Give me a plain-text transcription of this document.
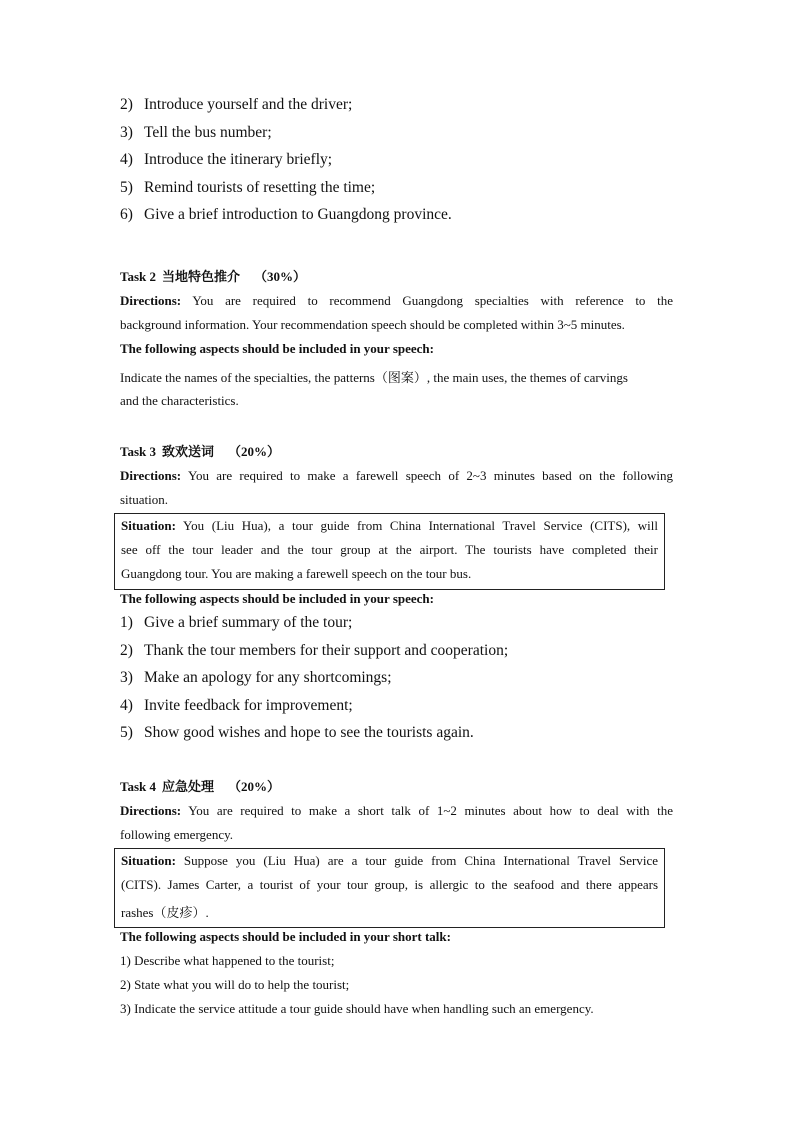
2) Introduce yourself and the driver;
3) Tell the bus number;
4) Introduce the itinerary briefly;
5) Remind tourists of resetting the time;
6) Give a brief introduction to Guangdong province.
Task 2 当地特色推介 （30%）
Directions: You are required to recommend Guangdong specialties with reference to the
background information. Your recommendation speech should be completed within 3~5 minutes.
The following aspects should be included in your speech:
Indicate the names of the specialties, the patterns（图案）, the main uses, the themes of carvings
and the characteristics.
Task 3 致欢送词 （20%）
Directions: You are required to make a farewell speech of 2~3 minutes based on the following
situation.
Situation: You (Liu Hua), a tour guide from China International Travel Service (CITS), will
see off the tour leader and the tour group at the airport. The tourists have completed their
Guangdong tour. You are making a farewell speech on the tour bus.
The following aspects should be included in your speech:
1) Give a brief summary of the tour;
2) Thank the tour members for their support and cooperation;
3) Make an apology for any shortcomings;
4) Invite feedback for improvement;
5) Show good wishes and hope to see the tourists again.
Task 4 应急处理 （20%）
Directions: You are required to make a short talk of 1~2 minutes about how to deal with the
following emergency.
Situation: Suppose you (Liu Hua) are a tour guide from China International Travel Service
(CITS). James Carter, a tourist of your tour group, is allergic to the seafood and there appears
rashes（皮疹）.
The following aspects should be included in your short talk:
1) Describe what happened to the tourist;
2) State what you will do to help the tourist;
3) Indicate the service attitude a tour guide should have when handling such an emergency.
